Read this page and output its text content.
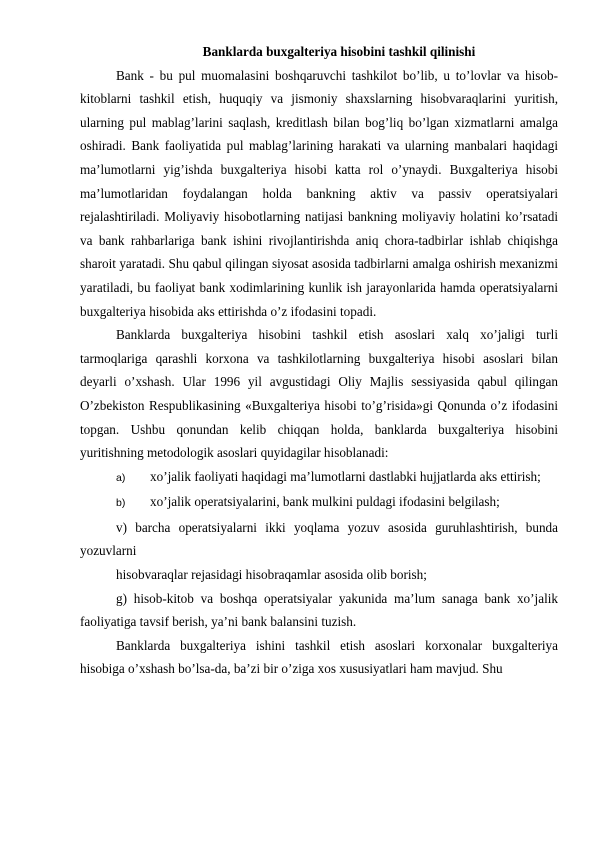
Banklarda buxgalteriya hisobini tashkil qilinishi

Bank - bu pul muomalasini boshqaruvchi tashkilot bo’lib, u to’lovlar va hisob-kitoblarni tashkil etish, huquqiy va jismoniy shaxslarning hisobvaraqlarini yuritish, ularning pul mablag’larini saqlash, kreditlash bilan bog’liq bo’lgan xizmatlarni amalga oshiradi. Bank faoliyatida pul mablag’larining harakati va ularning manbalari haqidagi ma’lumotlarni yig’ishda buxgalteriya hisobi katta rol o’ynaydi. Buxgalteriya hisobi ma’lumotlaridan foydalangan holda bankning aktiv va passiv operatsiyalari rejalashtiriladi. Moliyaviy hisobotlarning natijasi bankning moliyaviy holatini ko’rsatadi va bank rahbarlariga bank ishini rivojlantirishda aniq chora-tadbirlar ishlab chiqishga sharoit yaratadi. Shu qabul qilingan siyosat asosida tadbirlarni amalga oshirish mexanizmi yaratiladi, bu faoliyat bank xodimlarining kunlik ish jarayonlarida hamda operatsiyalarni buxgalteriya hisobida aks ettirishda o’z ifodasini topadi.

Banklarda buxgalteriya hisobini tashkil etish asoslari xalq xo’jaligi turli tarmoqlariga qarashli korxona va tashkilotlarning buxgalteriya hisobi asoslari bilan deyarli o’xshash. Ular 1996 yil avgustidagi Oliy Majlis sessiyasida qabul qilingan O’zbekiston Respublikasining «Buxgalteriya hisobi to’g’risida»gi Qonunda o’z ifodasini topgan. Ushbu qonundan kelib chiqqan holda, banklarda buxgalteriya hisobini yuritishning metodologik asoslari quyidagilar hisoblanadi:

a) xo’jalik faoliyati haqidagi ma’lumotlarni dastlabki hujjatlarda aks ettirish;

b) xo’jalik operatsiyalarini, bank mulkini puldagi ifodasini belgilash;

v) barcha operatsiyalarni ikki yoqlama yozuv asosida guruhlashtirish, bunda yozuvlarni

hisobvaraqlar rejasidagi hisobraqamlar asosida olib borish;

g) hisob-kitob va boshqa operatsiyalar yakunida ma’lum sanaga bank xo’jalik faoliyatiga tavsif berish, ya’ni bank balansini tuzish.

Banklarda buxgalteriya ishini tashkil etish asoslari korxonalar buxgalteriya hisobiga o’xshash bo’lsa-da, ba’zi bir o’ziga xos xususiyatlari ham mavjud. Shu
